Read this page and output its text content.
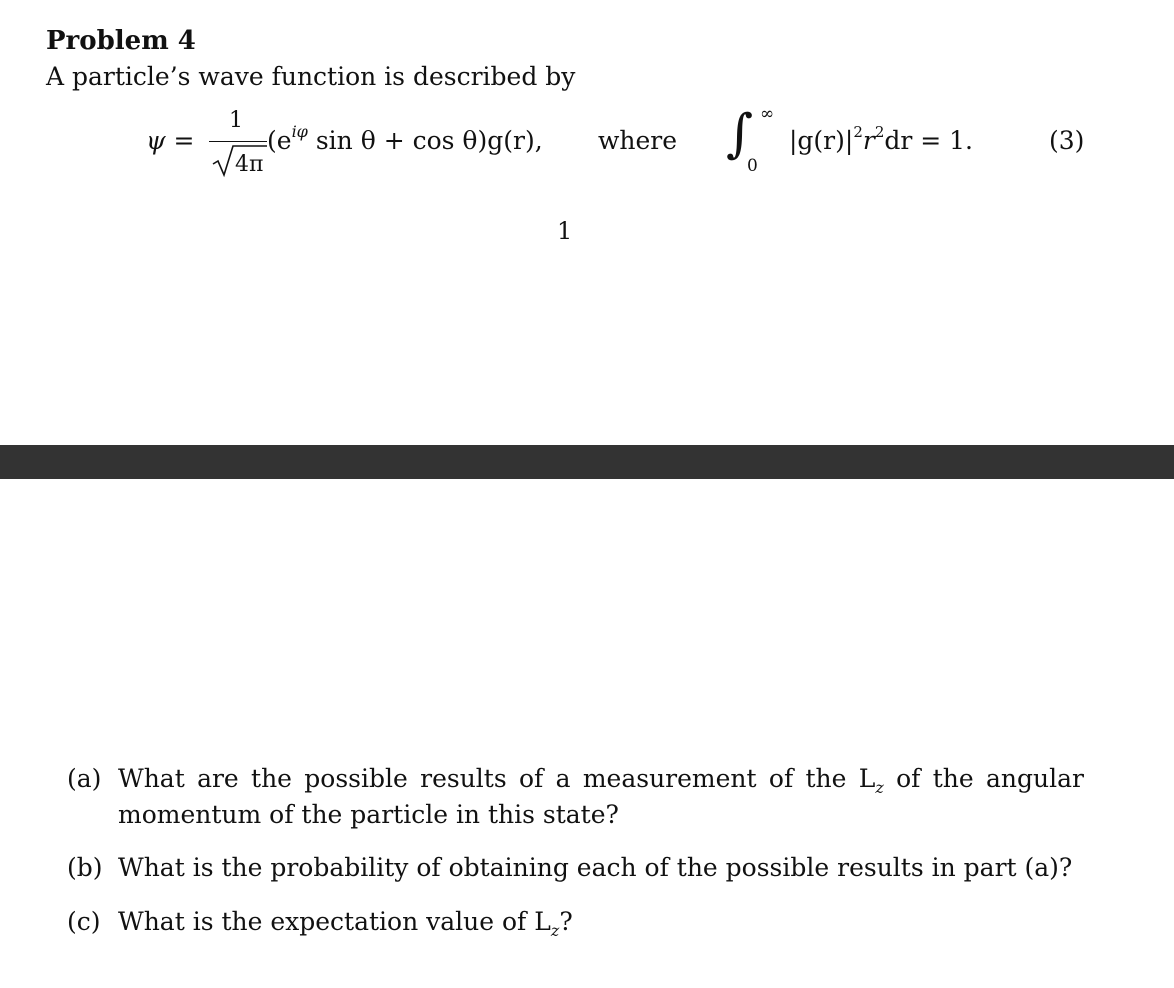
Problem 4
A particle’s wave function is described by
ψ =
1
4π
($e^{i\varphi}$ sin θ + cos θ)g(r), where ∫ ∞
0
$|g(r)|^2r^2dr = 1$.	(3)
1
(a) What are the possible results of a measurement of the $L_z$ of the angular
momentum of the particle in this state?
(b) What is the probability of obtaining each of the possible results in part (a)?
(c) What is the expectation value of $L_z$?
